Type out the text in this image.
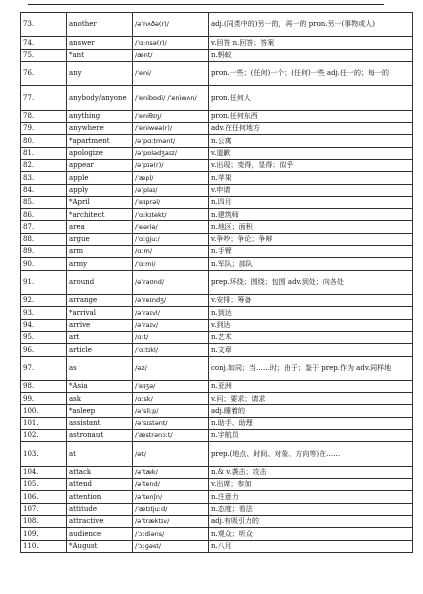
73.	another	/əˈnʌðə(r)/	adj.(同类中的)另一的，再一的 pron.另一(事物或人)
74.	answer	/ˈɑːnsə(r)/	v.回答 n.回答；答案
75.	*ant	/ænt/	n.蚂蚁
76.	any	/ˈeni/	pron.一些；(任何)一个；(任何)一些 adj.任一的；每一的
77.	anybody/anyone	/ˈenibɒdi/ /ˈeniwʌn/	pron.任何人
78.	anything	/ˈeniθɪŋ/	pron.任何东西
79.	anywhere	/ˈeniweə(r)/	adv.在任何地方
80.	*apartment	/əˈpɑːtmənt/	n.公寓
81.	apologize	/əˈpɒlədʒaɪz/	v.道歉
82.	appear	/əˈpɪə(r)/	v.出现；变得，显得；似乎
83.	apple	/ˈæpl/	n.苹果
84.	apply	/əˈplaɪ/	v.申请
85.	*April	/ˈeɪprəl/	n.四月
86.	*architect	/ˈɑːkɪtekt/	n.建筑师
87.	area	/ˈeəriə/	n.地区；面积
88.	argue	/ˈɑːɡjuː/	v.争吵；争论；争辩
89.	arm	/ɑːm/	n.手臂
90.	army	/ˈɑːmi/	n.军队；部队
91.	around	/əˈraʊnd/	prep.环绕；围绕；包围 adv.到处；向各处
92.	arrange	/əˈreɪndʒ/	v.安排；筹备
93.	*arrival	/əˈraɪvl/	n.到达
94.	arrive	/əˈraɪv/	v.到达
95.	art	/ɑːt/	n.艺术
96.	article	/ˈɑːtɪkl/	n.文章
97.	as	/əz/	conj.如同；当……时；由于；鉴于 prep.作为 adv.同样地
98.	*Asia	/ˈeɪʒə/	n.亚洲
99.	ask	/ɑːsk/	v.问；要求；请求
100.	*asleep	/əˈsliːp/	adj.睡着的
101.	assistant	/əˈsɪstənt/	n.助手、助理
102.	astronaut	/ˈæstrənɔːt/	n.宇航员
103.	at	/ət/	prep.(地点、时间、对象、方向等)在……
104.	attack	/əˈtæk/	n.& v.袭击；攻击
105.	attend	/əˈtend/	v.出席；参加
106.	attention	/əˈtenʃn/	n.注意力
107.	attitude	/ˈætɪtjuːd/	n.态度；看法
108.	attractive	/əˈtræktɪv/	adj.有吸引力的
109.	audience	/ˈɔːdiəns/	n.观众；听众
110.	*August	/ˈɔːɡəst/	n.八月
